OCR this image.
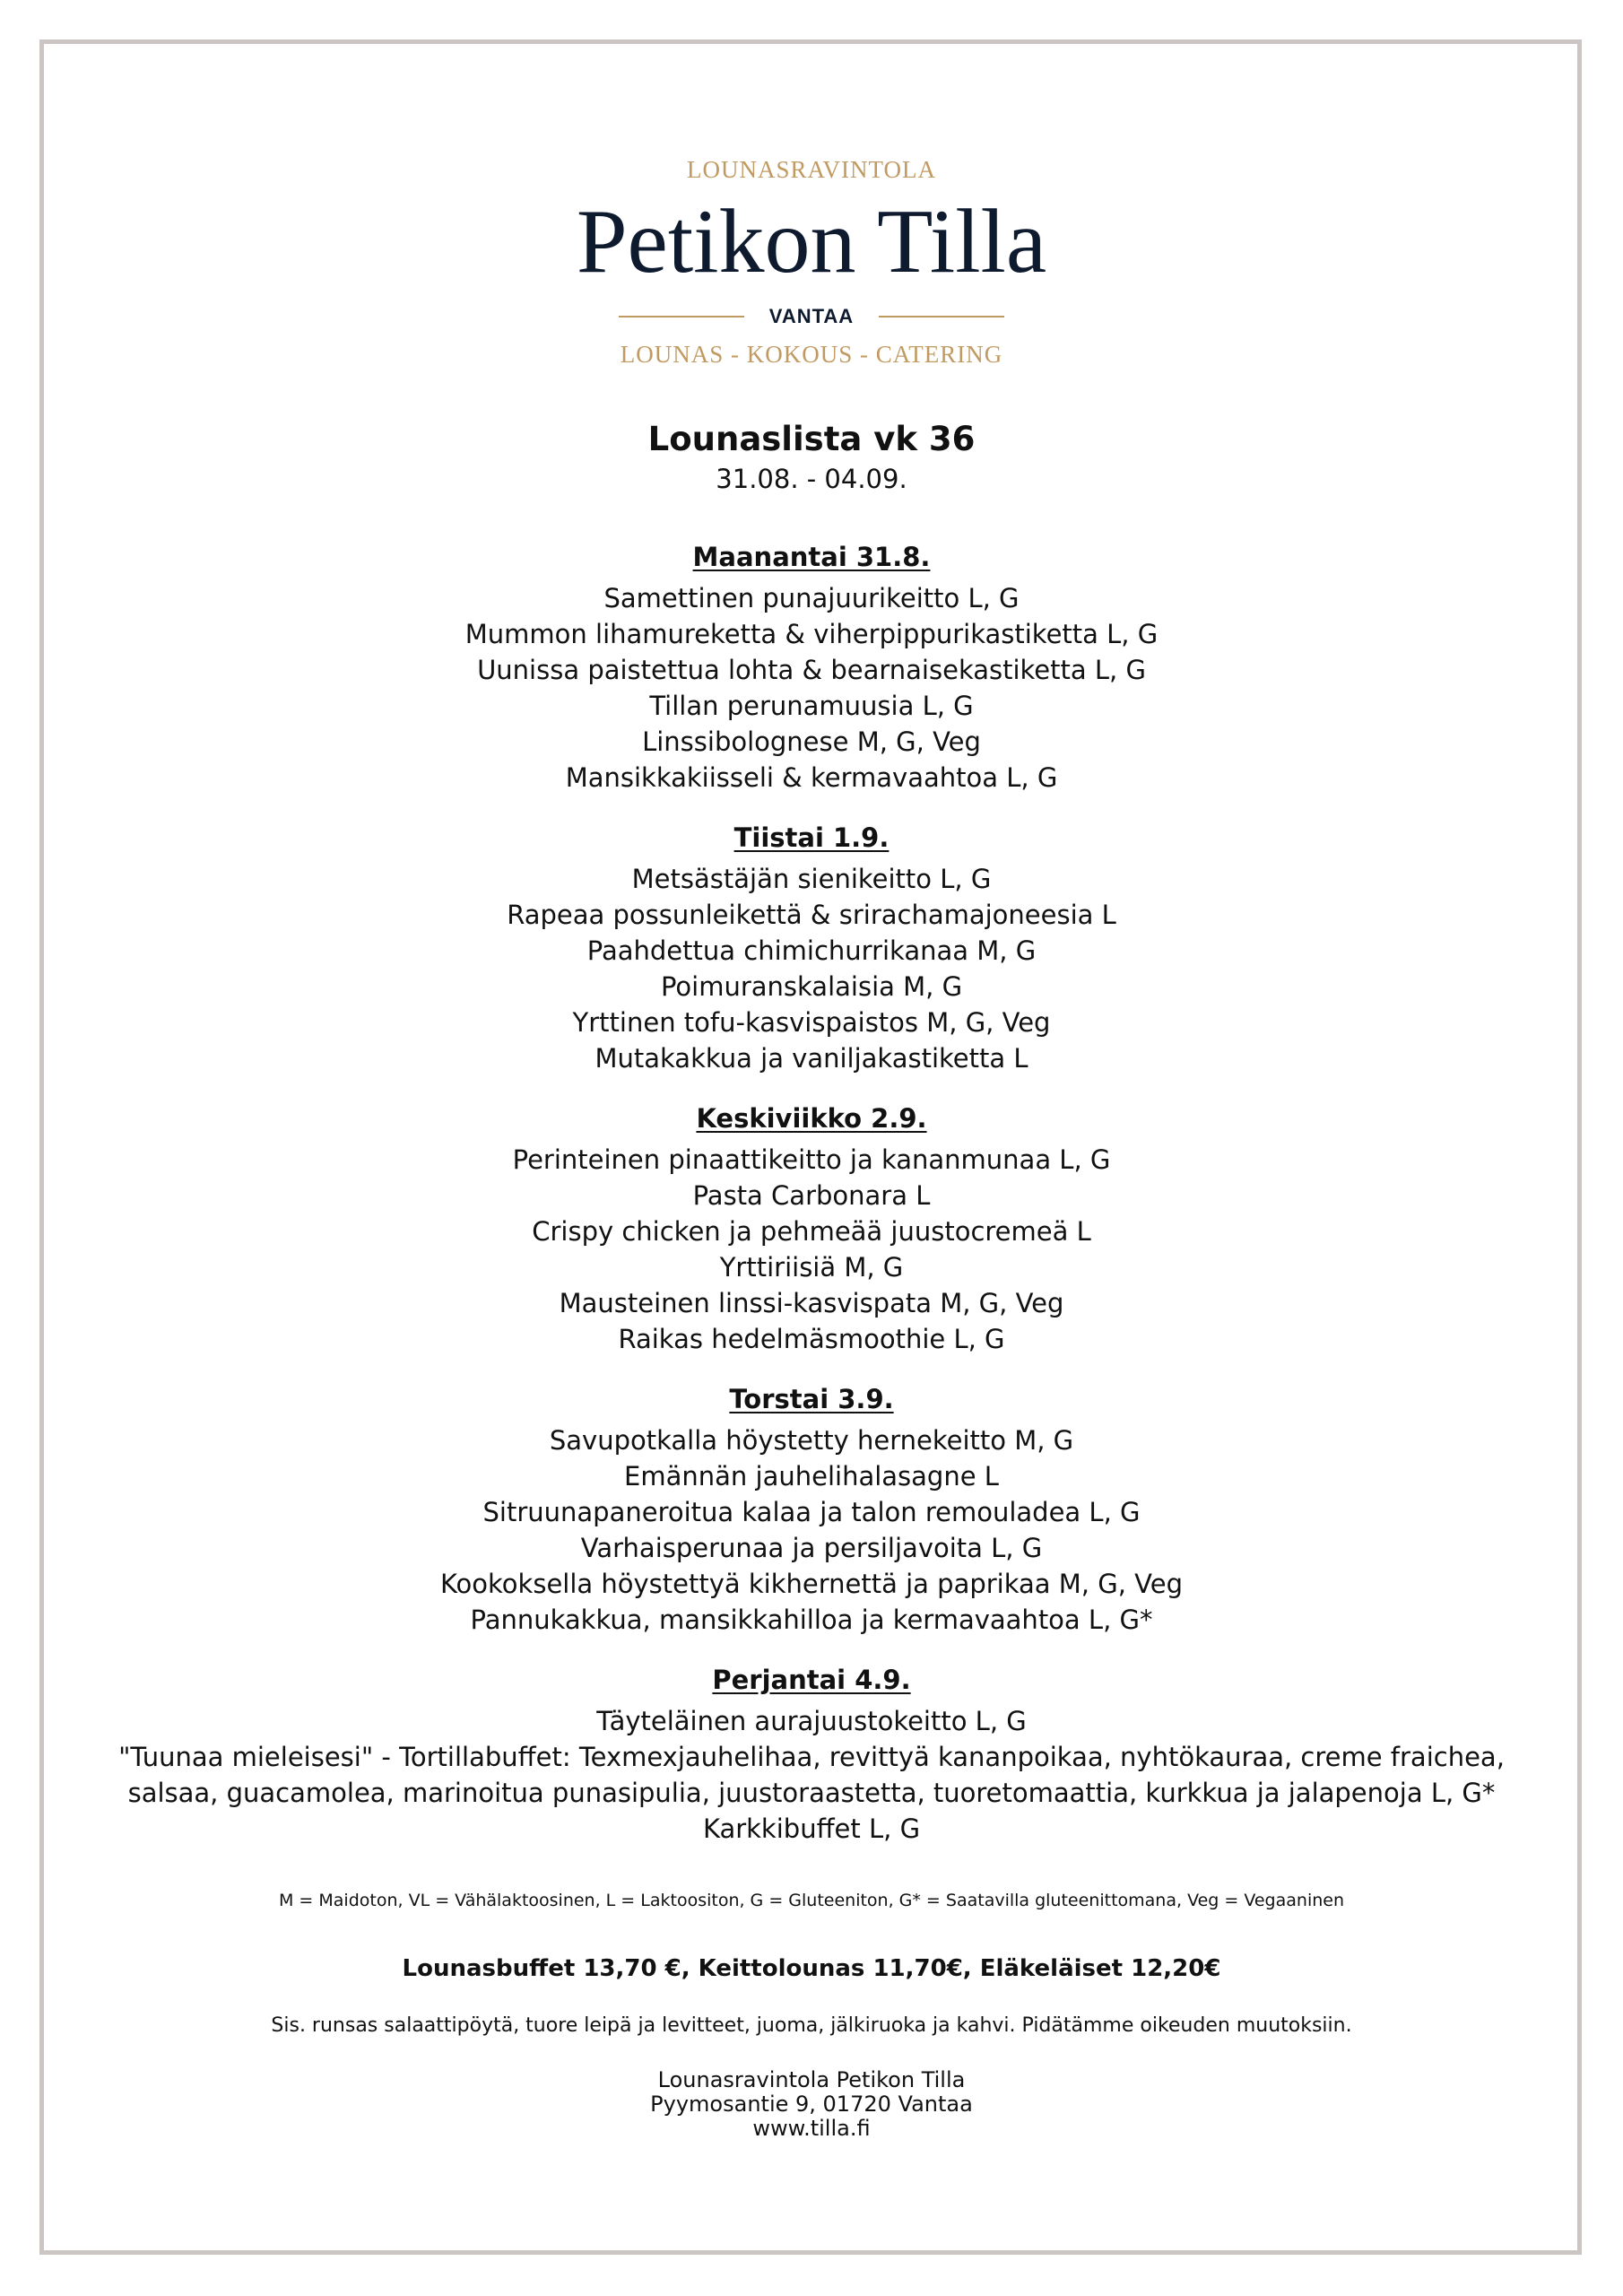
LOUNASRAVINTOLA
Petikon Tilla
VANTAA
LOUNAS - KOKOUS - CATERING
Lounaslista vk 36
31.08. - 04.09.
Maanantai 31.8.
Samettinen punajuurikeitto L, G
Mummon lihamureketta & viherpippurikastiketta L, G
Uunissa paistettua lohta & bearnaisekastiketta L, G
Tillan perunamuusia L, G
Linssibolognese M, G, Veg
Mansikkakiisseli & kermavaahtoa L, G
Tiistai 1.9.
Metsästäjän sienikeitto L, G
Rapeaa possunleikettä & srirachamajoneesia L
Paahdettua chimichurrikanaa M, G
Poimuranskalaisia M, G
Yrttinen tofu-kasvispaistos M, G, Veg
Mutakakkua ja vaniljakastiketta L
Keskiviikko 2.9.
Perinteinen pinaattikeitto ja kananmunaa L, G
Pasta Carbonara L
Crispy chicken ja pehmeää juustocremeä L
Yrttiriisiä M, G
Mausteinen linssi-kasvispata M, G, Veg
Raikas hedelmäsmoothie L, G
Torstai 3.9.
Savupotkalla höystetty hernekeitto M, G
Emännän jauhelihalasagne L
Sitruunapaneroitua kalaa ja talon remouladea L, G
Varhaisperunaa ja persiljavoita L, G
Kookoksella höystettyä kikhernettä ja paprikaa M, G, Veg
Pannukakkua, mansikkahilloa ja kermavaahtoa L, G*
Perjantai 4.9.
Täyteläinen aurajuustokeitto L, G
"Tuunaa mieleisesi" - Tortillabuffet: Texmexjauhelihaa, revittyä kananpoikaa, nyhtökauraa, creme fraichea,
salsaa, guacamolea, marinoitua punasipulia, juustoraastetta, tuoretomaattia, kurkkua ja jalapenoja L, G*
Karkkibuffet L, G
M = Maidoton, VL = Vähälaktoosinen, L = Laktoositon, G = Gluteeniton, G* = Saatavilla gluteenittomana, Veg = Vegaaninen
Lounasbuffet 13,70 €, Keittolounas 11,70€, Eläkeläiset 12,20€
Sis. runsas salaattipöytä, tuore leipä ja levitteet, juoma, jälkiruoka ja kahvi. Pidätämme oikeuden muutoksiin.
Lounasravintola Petikon Tilla
Pyymosantie 9, 01720 Vantaa
www.tilla.fi
